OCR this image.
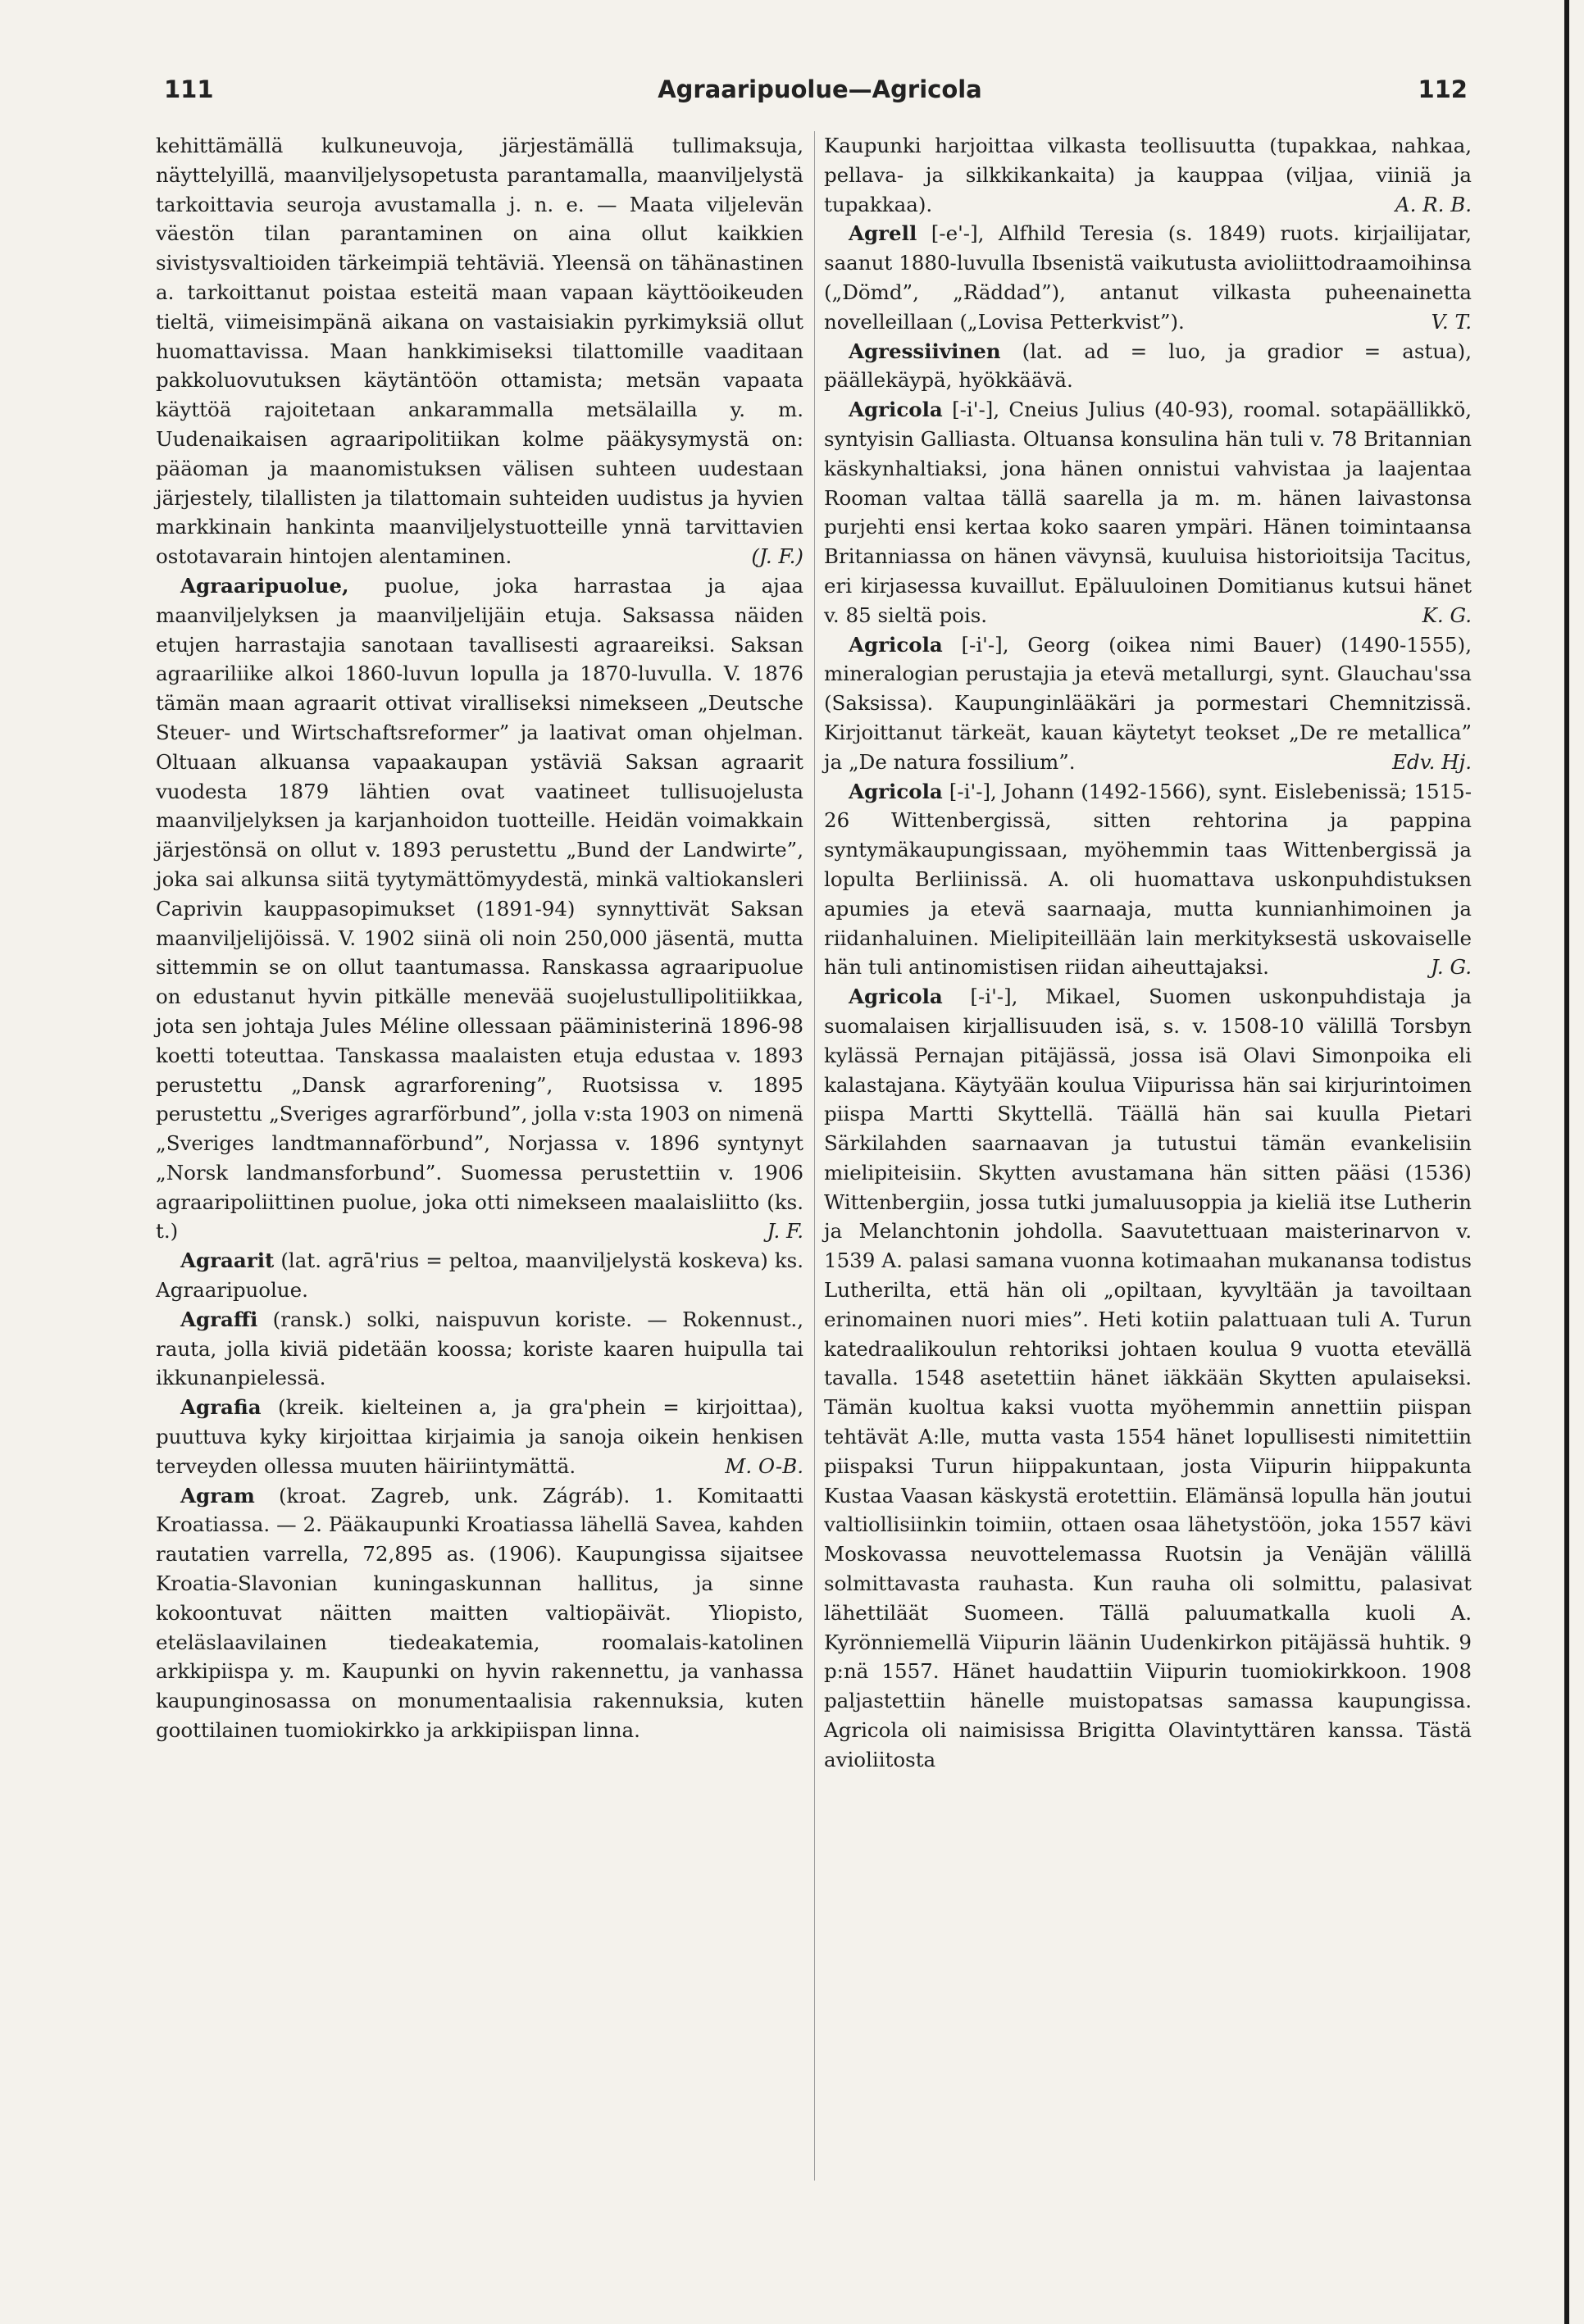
111	Agraaripuolue—Agricola	112

kehittämällä kulkuneuvoja, järjestämällä tullimaksuja, näyttelyillä, maanviljelysopetusta parantamalla, maanviljelystä tarkoittavia seuroja avustamalla j. n. e. — Maata viljelevän väestön tilan parantaminen on aina ollut kaikkien sivistysvaltioiden tärkeimpiä tehtäviä. Yleensä on tähänastinen a. tarkoittanut poistaa esteitä maan vapaan käyttöoikeuden tieltä, viimeisimpänä aikana on vastaisiakin pyrkimyksiä ollut huomattavissa. Maan hankkimiseksi tilattomille vaaditaan pakkoluovutuksen käytäntöön ottamista; metsän vapaata käyttöä rajoitetaan ankarammalla metsälailla y. m. Uudenaikaisen agraaripolitiikan kolme pääkysymystä on: pääoman ja maanomistuksen välisen suhteen uudestaan järjestely, tilallisten ja tilattomain suhteiden uudistus ja hyvien markkinain hankinta maanviljelystuotteille ynnä tarvittavien ostotavarain hintojen alentaminen.	(J. F.)

Agraaripuolue, puolue, joka harrastaa ja ajaa maanviljelyksen ja maanviljelijäin etuja. Saksassa näiden etujen harrastajia sanotaan tavallisesti agraareiksi. Saksan agraariliike alkoi 1860-luvun lopulla ja 1870-luvulla. V. 1876 tämän maan agraarit ottivat viralliseksi nimekseen „Deutsche Steuer- und Wirtschaftsreformer” ja laativat oman ohjelman. Oltuaan alkuansa vapaakaupan ystäviä Saksan agraarit vuodesta 1879 lähtien ovat vaatineet tullisuojelusta maanviljelyksen ja karjanhoidon tuotteille. Heidän voimakkain järjestönsä on ollut v. 1893 perustettu „Bund der Landwirte”, joka sai alkunsa siitä tyytymättömyydestä, minkä valtiokansleri Caprivin kauppasopimukset (1891-94) synnyttivät Saksan maanviljelijöissä. V. 1902 siinä oli noin 250,000 jäsentä, mutta sittemmin se on ollut taantumassa. Ranskassa agraaripuolue on edustanut hyvin pitkälle menevää suojelustullipolitiikkaa, jota sen johtaja Jules Méline ollessaan pääministerinä 1896-98 koetti toteuttaa. Tanskassa maalaisten etuja edustaa v. 1893 perustettu „Dansk agrarforening”, Ruotsissa v. 1895 perustettu „Sveriges agrarförbund”, jolla v:sta 1903 on nimenä „Sveriges landtmannaförbund”, Norjassa v. 1896 syntynyt „Norsk landmansforbund”. Suomessa perustettiin v. 1906 agraaripoliittinen puolue, joka otti nimekseen maalaisliitto (ks. t.)	J. F.

Agraarit (lat. agrā'rius = peltoa, maanviljelystä koskeva) ks. Agraaripuolue.

Agraffi (ransk.) solki, naispuvun koriste. — Rokennust., rauta, jolla kiviä pidetään koossa; koriste kaaren huipulla tai ikkunanpielessä.

Agrafia (kreik. kielteinen a, ja gra'phein = kirjoittaa), puuttuva kyky kirjoittaa kirjaimia ja sanoja oikein henkisen terveyden ollessa muuten häiriintymättä.	M. O-B.

Agram (kroat. Zagreb, unk. Zágráb). 1. Komitaatti Kroatiassa. — 2. Pääkaupunki Kroatiassa lähellä Savea, kahden rautatien varrella, 72,895 as. (1906). Kaupungissa sijaitsee Kroatia-Slavonian kuningaskunnan hallitus, ja sinne kokoontuvat näitten maitten valtiopäivät. Yliopisto, eteläslaavilainen tiedeakatemia, roomalais-katolinen arkkipiispa y. m. Kaupunki on hyvin rakennettu, ja vanhassa kaupunginosassa on monumentaalisia rakennuksia, kuten goottilainen tuomiokirkko ja arkkipiispan linna.

Kaupunki harjoittaa vilkasta teollisuutta (tupakkaa, nahkaa, pellava- ja silkkikankaita) ja kauppaa (viljaa, viiniä ja tupakkaa).	A. R. B.

Agrell [-e'-], Alfhild Teresia (s. 1849) ruots. kirjailijatar, saanut 1880-luvulla Ibsenistä vaikutusta avioliittodraamoihinsa („Dömd”, „Räddad”), antanut vilkasta puheenainetta novelleillaan („Lovisa Petterkvist”).	V. T.

Agressiivinen (lat. ad = luo, ja gradior = astua), päällekäypä, hyökkäävä.

Agricola [-i'-], Cneius Julius (40-93), roomal. sotapäällikkö, syntyisin Galliasta. Oltuansa konsulina hän tuli v. 78 Britannian käskynhaltiaksi, jona hänen onnistui vahvistaa ja laajentaa Rooman valtaa tällä saarella ja m. m. hänen laivastonsa purjehti ensi kertaa koko saaren ympäri. Hänen toimintaansa Britanniassa on hänen vävynsä, kuuluisa historioitsija Tacitus, eri kirjasessa kuvaillut. Epäluuloinen Domitianus kutsui hänet v. 85 sieltä pois.	K. G.

Agricola [-i'-], Georg (oikea nimi Bauer) (1490-1555), mineralogian perustajia ja etevä metallurgi, synt. Glauchau'ssa (Saksissa). Kaupunginlääkäri ja pormestari Chemnitzissä. Kirjoittanut tärkeät, kauan käytetyt teokset „De re metallica” ja „De natura fossilium”.	Edv. Hj.

Agricola [-i'-], Johann (1492-1566), synt. Eislebenissä; 1515-26 Wittenbergissä, sitten rehtorina ja pappina syntymäkaupungissaan, myöhemmin taas Wittenbergissä ja lopulta Berliinissä. A. oli huomattava uskonpuhdistuksen apumies ja etevä saarnaaja, mutta kunnianhimoinen ja riidanhaluinen. Mielipiteillään lain merkityksestä uskovaiselle hän tuli antinomistisen riidan aiheuttajaksi.	J. G.

Agricola [-i'-], Mikael, Suomen uskonpuhdistaja ja suomalaisen kirjallisuuden isä, s. v. 1508-10 välillä Torsbyn kylässä Pernajan pitäjässä, jossa isä Olavi Simonpoika eli kalastajana. Käytyään koulua Viipurissa hän sai kirjurintoimen piispa Martti Skyttellä. Täällä hän sai kuulla Pietari Särkilahden saarnaavan ja tutustui tämän evankelisiin mielipiteisiin. Skytten avustamana hän sitten pääsi (1536) Wittenbergiin, jossa tutki jumaluusoppia ja kieliä itse Lutherin ja Melanchtonin johdolla. Saavutettuaan maisterinarvon v. 1539 A. palasi samana vuonna kotimaahan mukanansa todistus Lutherilta, että hän oli „opiltaan, kyvyltään ja tavoiltaan erinomainen nuori mies”. Heti kotiin palattuaan tuli A. Turun katedraalikoulun rehtoriksi johtaen koulua 9 vuotta etevällä tavalla. 1548 asetettiin hänet iäkkään Skytten apulaiseksi. Tämän kuoltua kaksi vuotta myöhemmin annettiin piispan tehtävät A:lle, mutta vasta 1554 hänet lopullisesti nimitettiin piispaksi Turun hiippakuntaan, josta Viipurin hiippakunta Kustaa Vaasan käskystä erotettiin. Elämänsä lopulla hän joutui valtiollisiinkin toimiin, ottaen osaa lähetystöön, joka 1557 kävi Moskovassa neuvottelemassa Ruotsin ja Venäjän välillä solmittavasta rauhasta. Kun rauha oli solmittu, palasivat lähettiläät Suomeen. Tällä paluumatkalla kuoli A. Kyrönniemellä Viipurin läänin Uudenkirkon pitäjässä huhtik. 9 p:nä 1557. Hänet haudattiin Viipurin tuomiokirkkoon. 1908 paljastettiin hänelle muistopatsas samassa kaupungissa. Agricola oli naimisissa Brigitta Olavintyttären kanssa. Tästä avioliitosta
